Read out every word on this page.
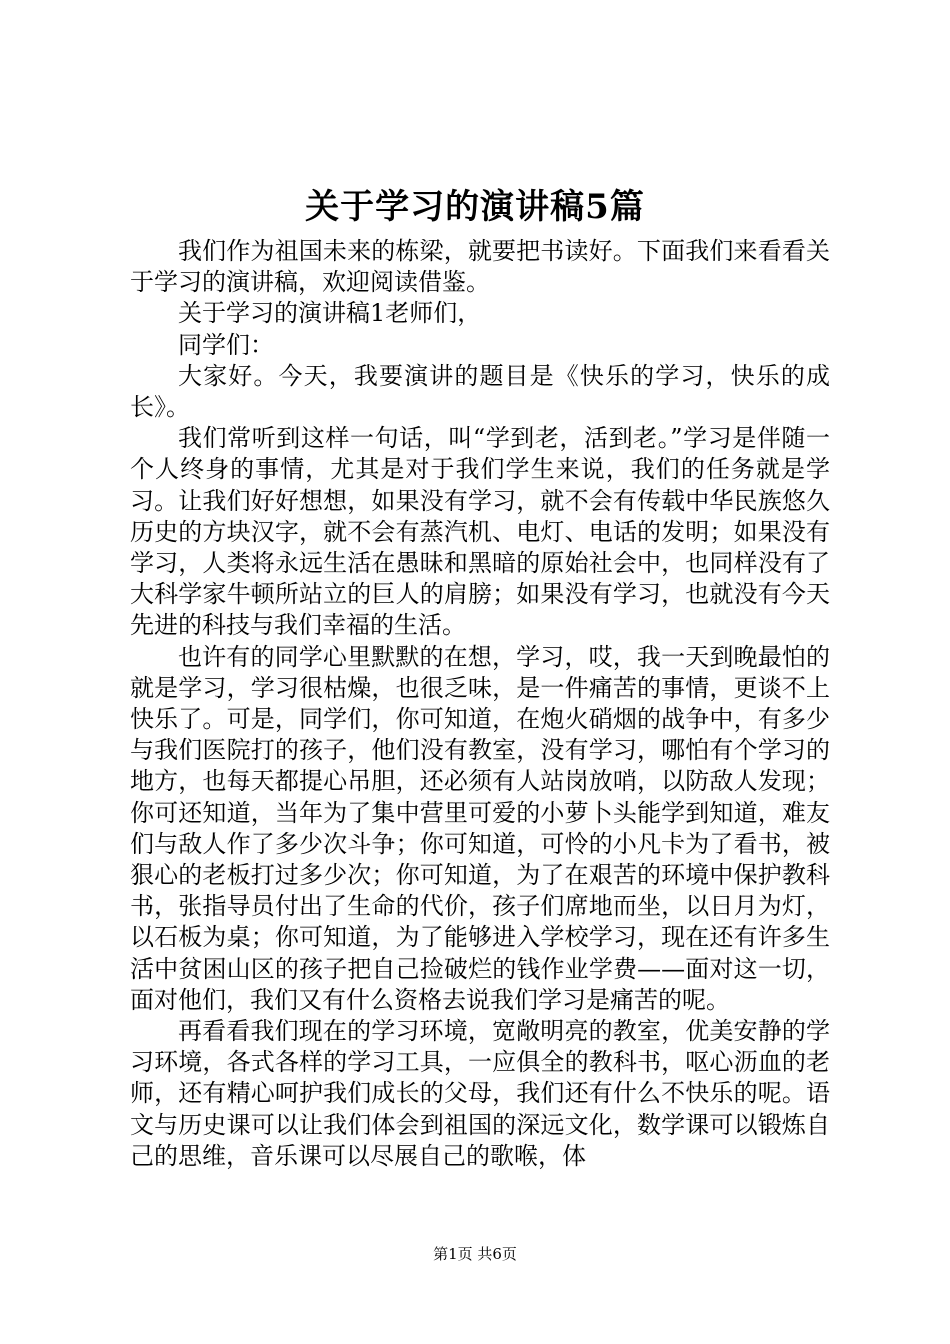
关于学习的演讲稿5篇

我们作为祖国未来的栋梁，就要把书读好。下面我们来看看关于学习的演讲稿，欢迎阅读借鉴。

关于学习的演讲稿1老师们，

同学们：

大家好。今天，我要演讲的题目是《快乐的学习，快乐的成长》。

我们常听到这样一句话，叫“学到老，活到老。”学习是伴随一个人终身的事情，尤其是对于我们学生来说，我们的任务就是学习。让我们好好想想，如果没有学习，就不会有传载中华民族悠久历史的方块汉字，就不会有蒸汽机、电灯、电话的发明；如果没有学习，人类将永远生活在愚昧和黑暗的原始社会中，也同样没有了大科学家牛顿所站立的巨人的肩膀；如果没有学习，也就没有今天先进的科技与我们幸福的生活。

也许有的同学心里默默的在想，学习，哎，我一天到晚最怕的就是学习，学习很枯燥，也很乏味，是一件痛苦的事情，更谈不上快乐了。可是，同学们，你可知道，在炮火硝烟的战争中，有多少与我们医院打的孩子，他们没有教室，没有学习，哪怕有个学习的地方，也每天都提心吊胆，还必须有人站岗放哨，以防敌人发现；你可还知道，当年为了集中营里可爱的小萝卜头能学到知道，难友们与敌人作了多少次斗争；你可知道，可怜的小凡卡为了看书，被狠心的老板打过多少次；你可知道，为了在艰苦的环境中保护教科书，张指导员付出了生命的代价，孩子们席地而坐，以日月为灯，以石板为桌；你可知道，为了能够进入学校学习，现在还有许多生活中贫困山区的孩子把自己捡破烂的钱作业学费——面对这一切，面对他们，我们又有什么资格去说我们学习是痛苦的呢。

再看看我们现在的学习环境，宽敞明亮的教室，优美安静的学习环境，各式各样的学习工具，一应俱全的教科书，呕心沥血的老师，还有精心呵护我们成长的父母，我们还有什么不快乐的呢。语文与历史课可以让我们体会到祖国的深远文化，数学课可以锻炼自己的思维，音乐课可以尽展自己的歌喉，体

第1页 共6页
